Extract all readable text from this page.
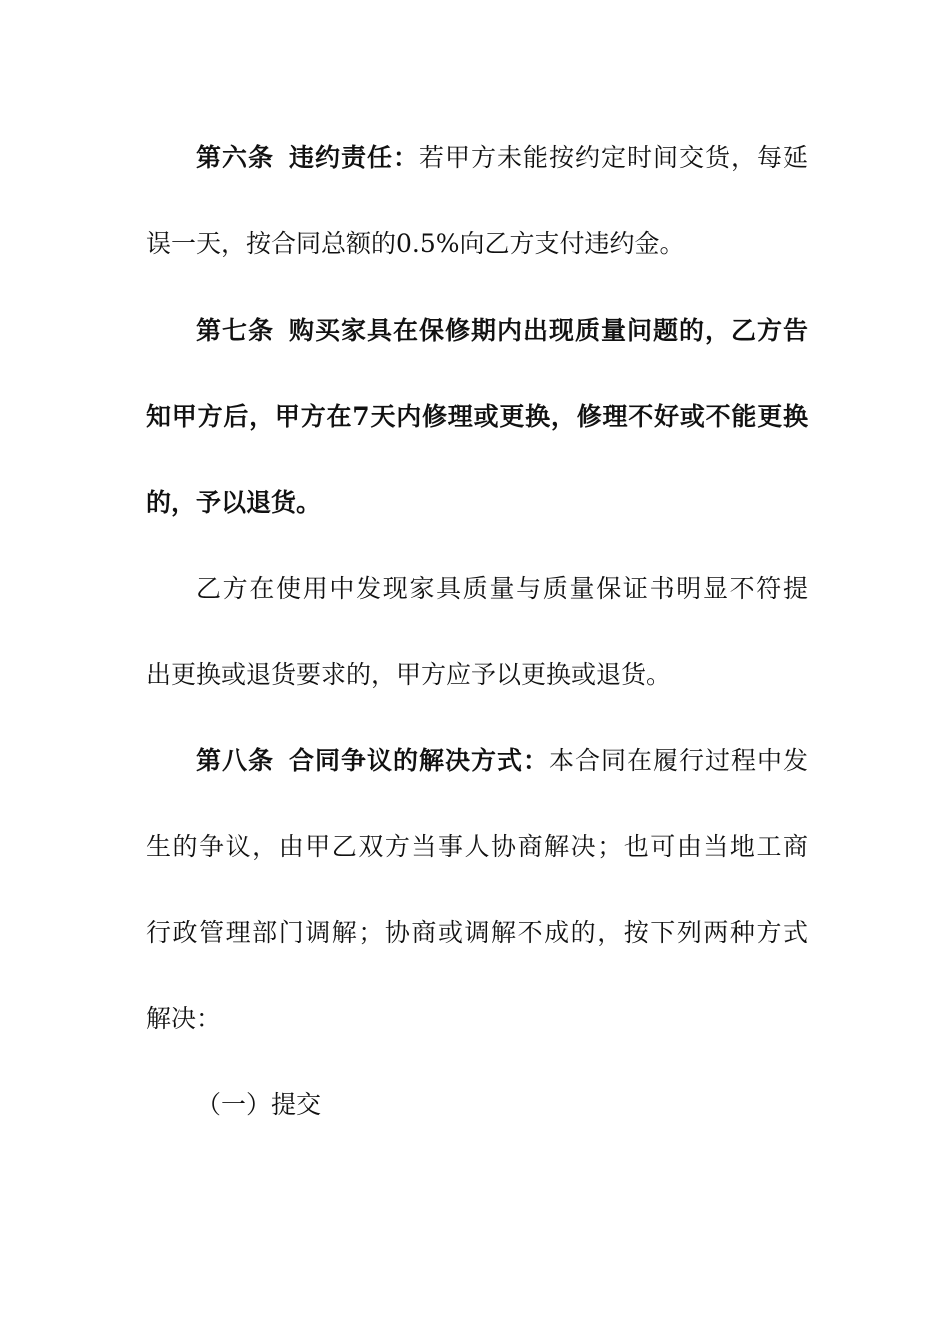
第六条 违约责任：若甲方未能按约定时间交货，每延
误一天，按合同总额的0.5%向乙方支付违约金。
第七条 购买家具在保修期内出现质量问题的，乙方告
知甲方后，甲方在7天内修理或更换，修理不好或不能更换
的，予以退货。
乙方在使用中发现家具质量与质量保证书明显不符提
出更换或退货要求的，甲方应予以更换或退货。
第八条 合同争议的解决方式：本合同在履行过程中发
生的争议，由甲乙双方当事人协商解决；也可由当地工商
行政管理部门调解；协商或调解不成的，按下列两种方式
解决：
（一）提交
